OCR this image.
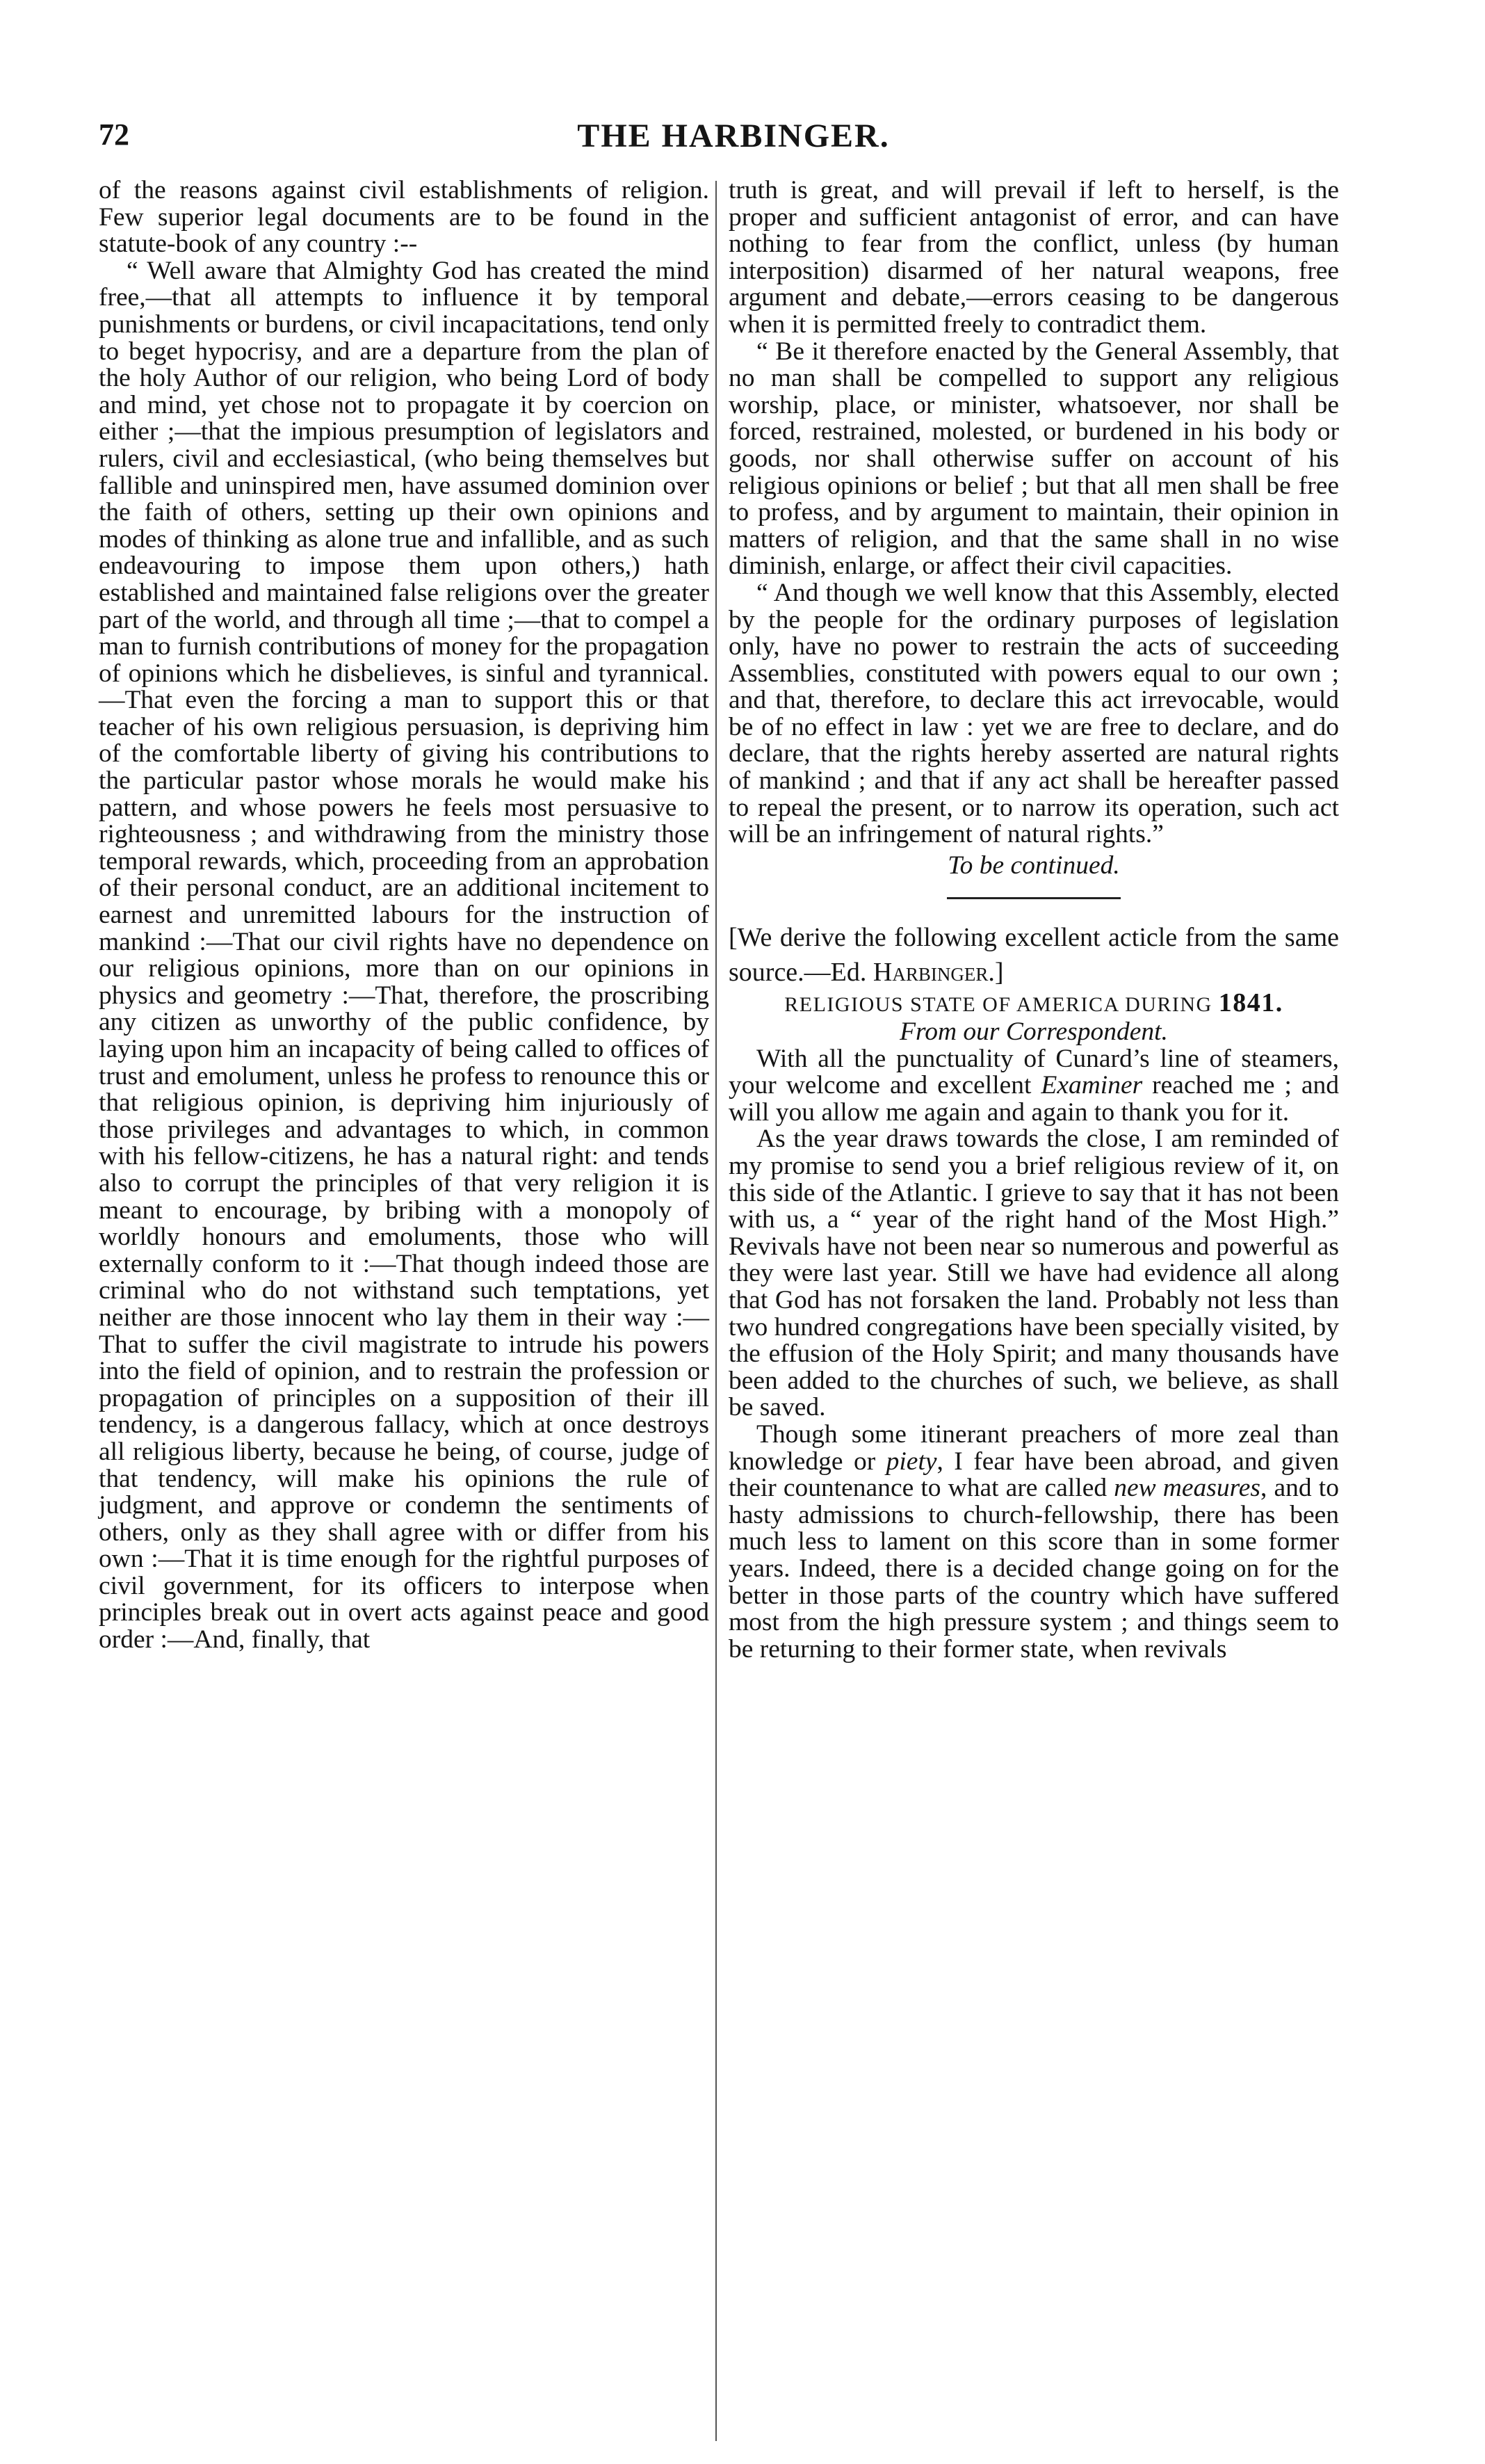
72	THE HARBINGER.

of the reasons against civil establishments of religion. Few superior legal documents are to be found in the statute-book of any country :--

“ Well aware that Almighty God has created the mind free,—that all attempts to influence it by temporal punishments or burdens, or civil incapacitations, tend only to beget hypocrisy, and are a departure from the plan of the holy Author of our religion, who being Lord of body and mind, yet chose not to propagate it by coercion on either ;—that the impious presumption of legislators and rulers, civil and ecclesiastical, (who being themselves but fallible and uninspired men, have assumed dominion over the faith of others, setting up their own opinions and modes of thinking as alone true and infallible, and as such endeavouring to impose them upon others,) hath established and maintained false religions over the greater part of the world, and through all time ;—that to compel a man to furnish contributions of money for the propagation of opinions which he disbelieves, is sinful and tyrannical.—That even the forcing a man to support this or that teacher of his own religious persuasion, is depriving him of the comfortable liberty of giving his contributions to the particular pastor whose morals he would make his pattern, and whose powers he feels most persuasive to righteousness ; and withdrawing from the ministry those temporal rewards, which, proceeding from an approbation of their personal conduct, are an additional incitement to earnest and unremitted labours for the instruction of mankind :—That our civil rights have no dependence on our religious opinions, more than on our opinions in physics and geometry :—That, therefore, the proscribing any citizen as unworthy of the public confidence, by laying upon him an incapacity of being called to offices of trust and emolument, unless he profess to renounce this or that religious opinion, is depriving him injuriously of those privileges and advantages to which, in common with his fellow-citizens, he has a natural right: and tends also to corrupt the principles of that very religion it is meant to encourage, by bribing with a monopoly of worldly honours and emoluments, those who will externally conform to it :—That though indeed those are criminal who do not withstand such temptations, yet neither are those innocent who lay them in their way :—That to suffer the civil magistrate to intrude his powers into the field of opinion, and to restrain the profession or propagation of principles on a supposition of their ill tendency, is a dangerous fallacy, which at once destroys all religious liberty, because he being, of course, judge of that tendency, will make his opinions the rule of judgment, and approve or condemn the sentiments of others, only as they shall agree with or differ from his own :—That it is time enough for the rightful purposes of civil government, for its officers to interpose when principles break out in overt acts against peace and good order :—And, finally, that

truth is great, and will prevail if left to herself, is the proper and sufficient antagonist of error, and can have nothing to fear from the conflict, unless (by human interposition) disarmed of her natural weapons, free argument and debate,—errors ceasing to be dangerous when it is permitted freely to contradict them.

“ Be it therefore enacted by the General Assembly, that no man shall be compelled to support any religious worship, place, or minister, whatsoever, nor shall be forced, restrained, molested, or burdened in his body or goods, nor shall otherwise suffer on account of his religious opinions or belief ; but that all men shall be free to profess, and by argument to maintain, their opinion in matters of religion, and that the same shall in no wise diminish, enlarge, or affect their civil capacities.

“ And though we well know that this Assembly, elected by the people for the ordinary purposes of legislation only, have no power to restrain the acts of succeeding Assemblies, constituted with powers equal to our own ; and that, therefore, to declare this act irrevocable, would be of no effect in law : yet we are free to declare, and do declare, that the rights hereby asserted are natural rights of mankind ; and that if any act shall be hereafter passed to repeal the present, or to narrow its operation, such act will be an infringement of natural rights.”

To be continued.

[We derive the following excellent acticle from the same source.—Ed. Harbinger.]

RELIGIOUS STATE OF AMERICA DURING 1841.

From our Correspondent.

With all the punctuality of Cunard’s line of steamers, your welcome and excellent Examiner reached me ; and will you allow me again and again to thank you for it.

As the year draws towards the close, I am reminded of my promise to send you a brief religious review of it, on this side of the Atlantic. I grieve to say that it has not been with us, a “ year of the right hand of the Most High.” Revivals have not been near so numerous and powerful as they were last year. Still we have had evidence all along that God has not forsaken the land. Probably not less than two hundred congregations have been specially visited, by the effusion of the Holy Spirit; and many thousands have been added to the churches of such, we believe, as shall be saved.

Though some itinerant preachers of more zeal than knowledge or piety, I fear have been abroad, and given their countenance to what are called new measures, and to hasty admissions to church-fellowship, there has been much less to lament on this score than in some former years. Indeed, there is a decided change going on for the better in those parts of the country which have suffered most from the high pressure system ; and things seem to be returning to their former state, when revivals
